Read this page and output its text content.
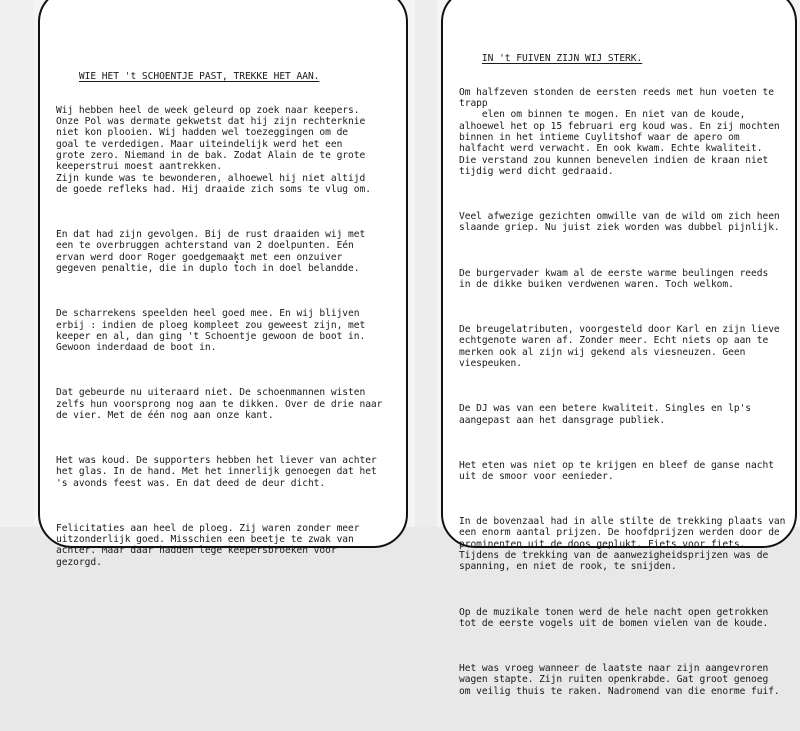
WIE HET 't SCHOENTJE PAST, TREKKE HET AAN.

Wij hebben heel de week geleurd op zoek naar keepers.
Onze Pol was dermate gekwetst dat hij zijn rechterknie
niet kon plooien. Wij hadden wel toezeggingen om de
goal te verdedigen. Maar uiteindelijk werd het een
grote zero. Niemand in de bak. Zodat Alain de te grote
keeperstrui moest aantrekken.
Zijn kunde was te bewonderen, alhoewel hij niet altijd
de goede refleks had. Hij draaide zich soms te vlug om.

En dat had zijn gevolgen. Bij de rust draaiden wij met
een te overbruggen achterstand van 2 doelpunten. Eén
ervan werd door Roger goedgemaakt met een onzuiver
gegeven penaltie, die in duplo toch in doel belandde.

De scharrekens speelden heel goed mee. En wij blijven
erbij : indien de ploeg kompleet zou geweest zijn, met
keeper en al, dan ging 't Schoentje gewoon de boot in.
Gewoon inderdaad de boot in.

Dat gebeurde nu uiteraard niet. De schoenmannen wisten
zelfs hun voorsprong nog aan te dikken. Over de drie naar
de vier. Met de één nog aan onze kant.

Het was koud. De supporters hebben het liever van achter
het glas. In de hand. Met het innerlijk genoegen dat het
's avonds feest was. En dat deed de deur dicht.

Felicitaties aan heel de ploeg. Zij waren zonder meer
uitzonderlijk goed. Misschien een beetje te zwak van
achter. Maar daar hadden lege keepersbroeken voor
gezorgd.

IN 't FUIVEN ZIJN WIJ STERK.

Om halfzeven stonden de eersten reeds met hun voeten te
trapp
elen om binnen te mogen. En niet van de koude,
alhoewel het op 15 februari erg koud was. En zij mochten
binnen in het intieme Cuylitshof waar de apero om
halfacht werd verwacht. En ook kwam. Echte kwaliteit.
Die verstand zou kunnen benevelen indien de kraan niet
tijdig werd dicht gedraaid.

Veel afwezige gezichten omwille van de wild om zich heen
slaande griep. Nu juist ziek worden was dubbel pijnlijk.

De burgervader kwam al de eerste warme beulingen reeds
in de dikke buiken verdwenen waren. Toch welkom.

De breugelatributen, voorgesteld door Karl en zijn lieve
echtgenote waren af. Zonder meer. Echt niets op aan te
merken ook al zijn wij gekend als viesneuzen. Geen
viespeuken.

De DJ was van een betere kwaliteit. Singles en lp's
aangepast aan het dansgrage publiek.

Het eten was niet op te krijgen en bleef de ganse nacht
uit de smoor voor eenieder.

In de bovenzaal had in alle stilte de trekking plaats van
een enorm aantal prijzen. De hoofdprijzen werden door de
prominenten uit de doos geplukt. Fiets voor fiets.
Tijdens de trekking van de aanwezigheidsprijzen was de
spanning, en niet de rook, te snijden.

Op de muzikale tonen werd de hele nacht open getrokken
tot de eerste vogels uit de bomen vielen van de koude.

Het was vroeg wanneer de laatste naar zijn aangevroren
wagen stapte. Zijn ruiten openkrabde. Gat groot genoeg
om veilig thuis te raken. Nadromend van die enorme fuif.
